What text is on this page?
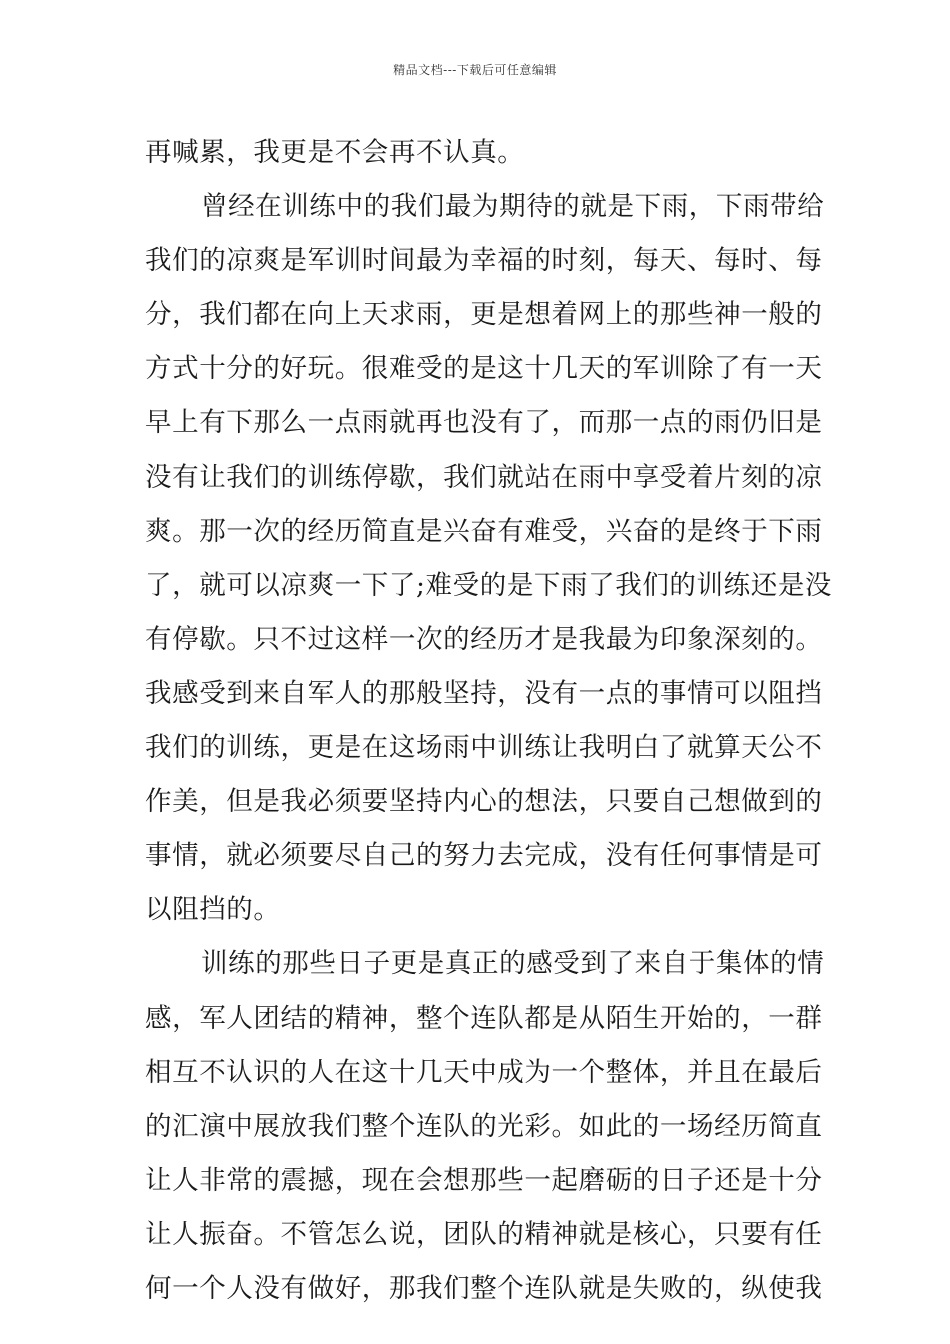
精品文档---下载后可任意编辑
再喊累，我更是不会再不认真。
曾经在训练中的我们最为期待的就是下雨，下雨带给
我们的凉爽是军训时间最为幸福的时刻，每天、每时、每
分，我们都在向上天求雨，更是想着网上的那些神一般的
方式十分的好玩。很难受的是这十几天的军训除了有一天
早上有下那么一点雨就再也没有了，而那一点的雨仍旧是
没有让我们的训练停歇，我们就站在雨中享受着片刻的凉
爽。那一次的经历简直是兴奋有难受，兴奋的是终于下雨
了，就可以凉爽一下了;难受的是下雨了我们的训练还是没
有停歇。只不过这样一次的经历才是我最为印象深刻的。
我感受到来自军人的那般坚持，没有一点的事情可以阻挡
我们的训练，更是在这场雨中训练让我明白了就算天公不
作美，但是我必须要坚持内心的想法，只要自己想做到的
事情，就必须要尽自己的努力去完成，没有任何事情是可
以阻挡的。
训练的那些日子更是真正的感受到了来自于集体的情
感，军人团结的精神，整个连队都是从陌生开始的，一群
相互不认识的人在这十几天中成为一个整体，并且在最后
的汇演中展放我们整个连队的光彩。如此的一场经历简直
让人非常的震撼，现在会想那些一起磨砺的日子还是十分
让人振奋。不管怎么说，团队的精神就是核心，只要有任
何一个人没有做好，那我们整个连队就是失败的，纵使我
